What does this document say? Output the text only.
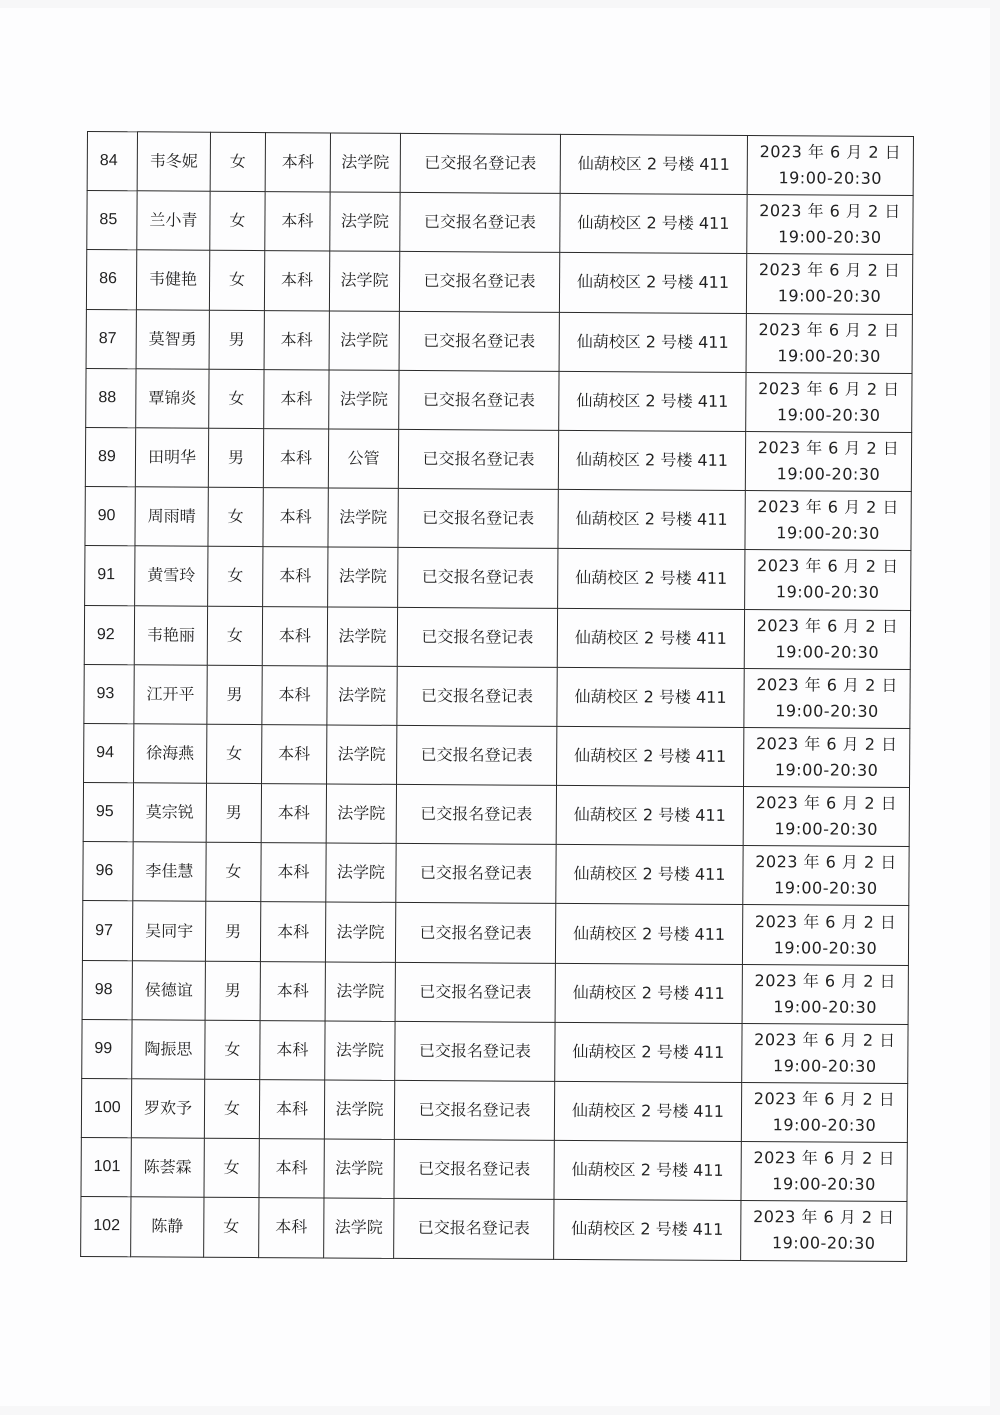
84	韦冬妮	女	本科	法学院	已交报名登记表	仙葫校区 2 号楼 411	2023 年 6 月 2 日
19:00-20:30

85	兰小青	女	本科	法学院	已交报名登记表	仙葫校区 2 号楼 411	2023 年 6 月 2 日
19:00-20:30

86	韦健艳	女	本科	法学院	已交报名登记表	仙葫校区 2 号楼 411	2023 年 6 月 2 日
19:00-20:30

87	莫智勇	男	本科	法学院	已交报名登记表	仙葫校区 2 号楼 411	2023 年 6 月 2 日
19:00-20:30

88	覃锦炎	女	本科	法学院	已交报名登记表	仙葫校区 2 号楼 411	2023 年 6 月 2 日
19:00-20:30

89	田明华	男	本科	公管	已交报名登记表	仙葫校区 2 号楼 411	2023 年 6 月 2 日
19:00-20:30

90	周雨晴	女	本科	法学院	已交报名登记表	仙葫校区 2 号楼 411	2023 年 6 月 2 日
19:00-20:30

91	黄雪玲	女	本科	法学院	已交报名登记表	仙葫校区 2 号楼 411	2023 年 6 月 2 日
19:00-20:30

92	韦艳丽	女	本科	法学院	已交报名登记表	仙葫校区 2 号楼 411	2023 年 6 月 2 日
19:00-20:30

93	江开平	男	本科	法学院	已交报名登记表	仙葫校区 2 号楼 411	2023 年 6 月 2 日
19:00-20:30

94	徐海燕	女	本科	法学院	已交报名登记表	仙葫校区 2 号楼 411	2023 年 6 月 2 日
19:00-20:30

95	莫宗锐	男	本科	法学院	已交报名登记表	仙葫校区 2 号楼 411	2023 年 6 月 2 日
19:00-20:30

96	李佳慧	女	本科	法学院	已交报名登记表	仙葫校区 2 号楼 411	2023 年 6 月 2 日
19:00-20:30

97	吴同宇	男	本科	法学院	已交报名登记表	仙葫校区 2 号楼 411	2023 年 6 月 2 日
19:00-20:30

98	侯德谊	男	本科	法学院	已交报名登记表	仙葫校区 2 号楼 411	2023 年 6 月 2 日
19:00-20:30

99	陶振思	女	本科	法学院	已交报名登记表	仙葫校区 2 号楼 411	2023 年 6 月 2 日
19:00-20:30

100	罗欢予	女	本科	法学院	已交报名登记表	仙葫校区 2 号楼 411	2023 年 6 月 2 日
19:00-20:30

101	陈荟霖	女	本科	法学院	已交报名登记表	仙葫校区 2 号楼 411	2023 年 6 月 2 日
19:00-20:30

102	陈静	女	本科	法学院	已交报名登记表	仙葫校区 2 号楼 411	2023 年 6 月 2 日
19:00-20:30
